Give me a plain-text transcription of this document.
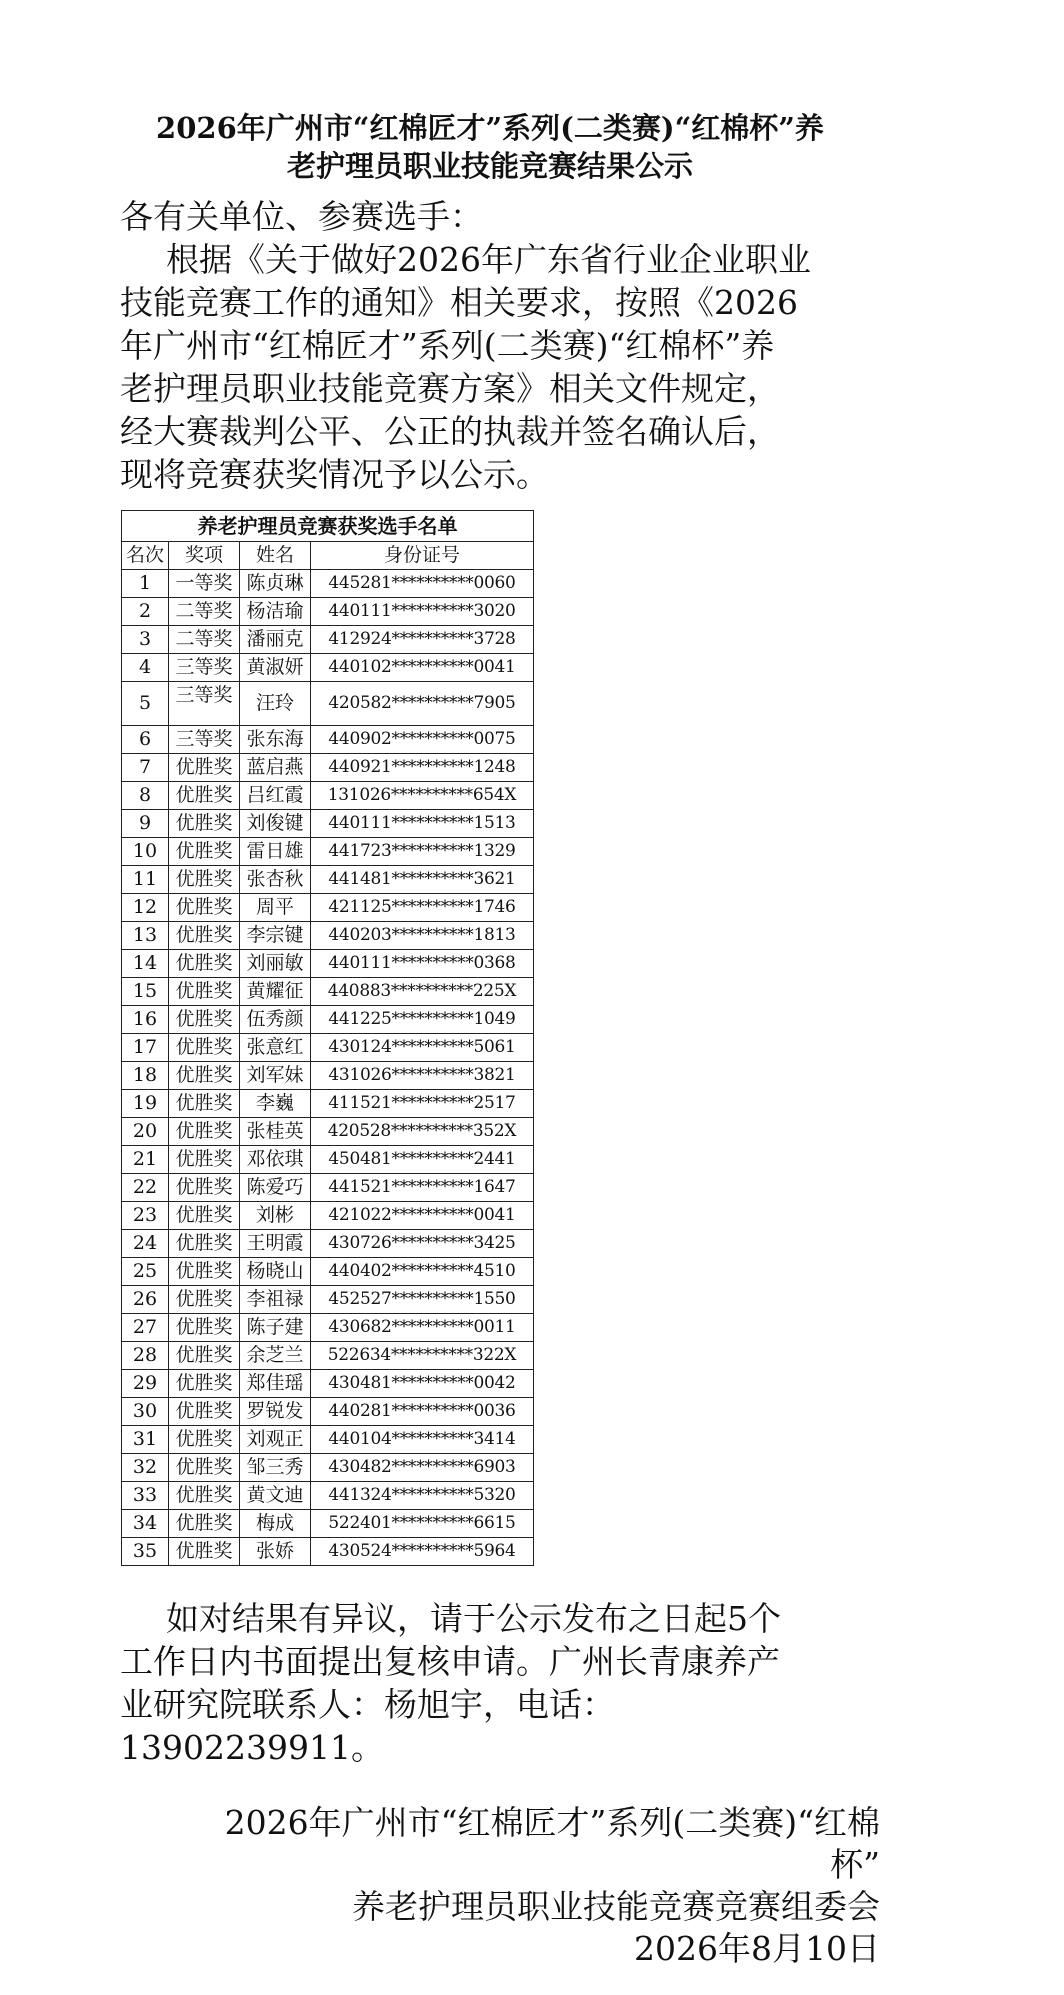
2026年广州市“红棉匠才”系列(二类赛)“红棉杯”养
老护理员职业技能竞赛结果公示
各有关单位、参赛选手：
根据《关于做好2026年广东省行业企业职业
技能竞赛工作的通知》相关要求，按照《2026
年广州市“红棉匠才”系列(二类赛)“红棉杯”养
老护理员职业技能竞赛方案》相关文件规定，
经大赛裁判公平、公正的执裁并签名确认后，
现将竞赛获奖情况予以公示。
养老护理员竞赛获奖选手名单			
名次	奖项	姓名	身份证号
1	一等奖	陈贞琳	445281**********0060
2	二等奖	杨洁瑜	440111**********3020
3	二等奖	潘丽克	412924**********3728
4	三等奖	黄淑妍	440102**********0041
5	三等奖	汪玲	420582**********7905
6	三等奖	张东海	440902**********0075
7	优胜奖	蓝启燕	440921**********1248
8	优胜奖	吕红霞	131026**********654X
9	优胜奖	刘俊键	440111**********1513
10	优胜奖	雷日雄	441723**********1329
11	优胜奖	张杏秋	441481**********3621
12	优胜奖	周平	421125**********1746
13	优胜奖	李宗键	440203**********1813
14	优胜奖	刘丽敏	440111**********0368
15	优胜奖	黄耀征	440883**********225X
16	优胜奖	伍秀颜	441225**********1049
17	优胜奖	张意红	430124**********5061
18	优胜奖	刘军妹	431026**********3821
19	优胜奖	李巍	411521**********2517
20	优胜奖	张桂英	420528**********352X
21	优胜奖	邓依琪	450481**********2441
22	优胜奖	陈爱巧	441521**********1647
23	优胜奖	刘彬	421022**********0041
24	优胜奖	王明霞	430726**********3425
25	优胜奖	杨晓山	440402**********4510
26	优胜奖	李祖禄	452527**********1550
27	优胜奖	陈子建	430682**********0011
28	优胜奖	余芝兰	522634**********322X
29	优胜奖	郑佳瑶	430481**********0042
30	优胜奖	罗锐发	440281**********0036
31	优胜奖	刘观正	440104**********3414
32	优胜奖	邹三秀	430482**********6903
33	优胜奖	黄文迪	441324**********5320
34	优胜奖	梅成	522401**********6615
35	优胜奖	张娇	430524**********5964
如对结果有异议，请于公示发布之日起5个
工作日内书面提出复核申请。广州长青康养产
业研究院联系人：杨旭宇，电话：
13902239911。
2026年广州市“红棉匠才”系列(二类赛)“红棉
杯”
养老护理员职业技能竞赛竞赛组委会
2026年8月10日
